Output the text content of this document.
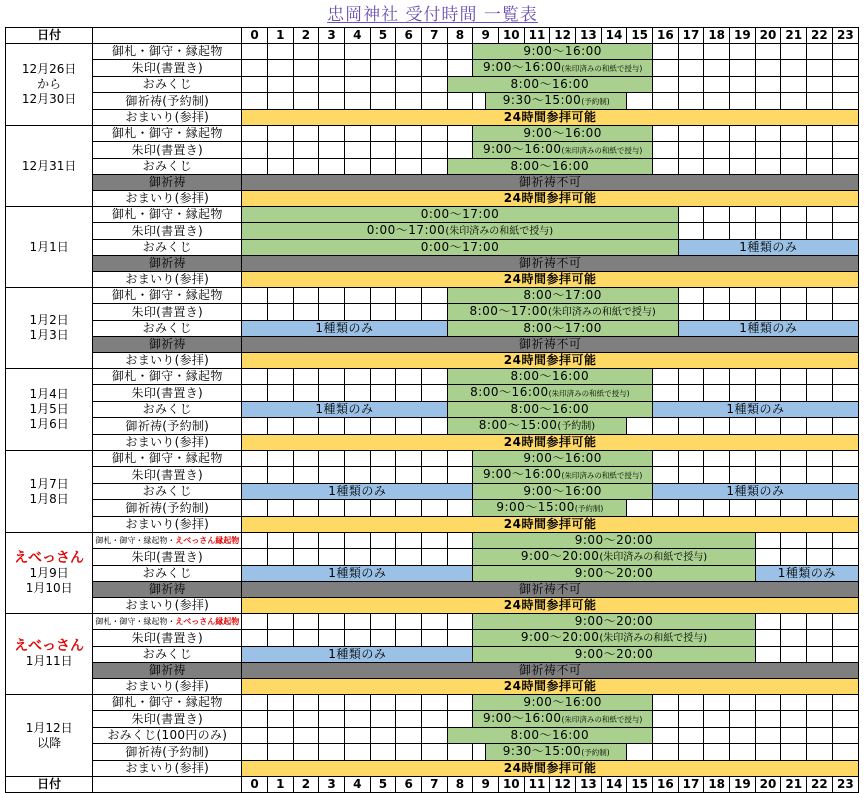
忠岡神社 受付時間 一覧表
日付		0	1	2	3	4	5	6	7	8	9		10	11	12	13	14	15	16	17	18	19	20	21	22	23

12月26日
から
12月30日	御札・御守・縁起物										9:00〜16:00															
	朱印(書置き)										9:00〜16:00(朱印済みの和紙で授与)															
	おみくじ									8:00〜16:00																
	御祈祷(予約制)											9:30〜15:00(予約制)														
	おまいり(参拝)	24時間参拝可能																								

12月31日	御札・御守・縁起物										9:00〜16:00															
	朱印(書置き)										9:00〜16:00(朱印済みの和紙で授与)															
	おみくじ									8:00〜16:00																
	御祈祷	御祈祷不可																								
	おまいり(参拝)	24時間参拝可能																								

1月1日	御札・御守・縁起物	0:00〜17:00																								
	朱印(書置き)	0:00〜17:00(朱印済みの和紙で授与)																								
	おみくじ	0:00〜17:00																		1種類のみ						
	御祈祷	御祈祷不可																								
	おまいり(参拝)	24時間参拝可能																								

1月2日
1月3日	御札・御守・縁起物									8:00〜17:00																
	朱印(書置き)									8:00〜17:00(朱印済みの和紙で授与)																
	おみくじ	1種類のみ								8:00〜17:00										1種類のみ						
	御祈祷	御祈祷不可																								
	おまいり(参拝)	24時間参拝可能																								

1月4日
1月5日
1月6日	御札・御守・縁起物									8:00〜16:00																
	朱印(書置き)									8:00〜16:00(朱印済みの和紙で授与)																
	おみくじ	1種類のみ								8:00〜16:00									1種類のみ							
	御祈祷(予約制)									8:00〜15:00(予約制)																
	おまいり(参拝)	24時間参拝可能																								

1月7日
1月8日	御札・御守・縁起物										9:00〜16:00															
	朱印(書置き)										9:00〜16:00(朱印済みの和紙で授与)															
	おみくじ	1種類のみ									9:00〜16:00								1種類のみ							
	御祈祷(予約制)										9:00〜15:00(予約制)															
	おまいり(参拝)	24時間参拝可能																								

えべっさん
1月9日
1月10日	御札・御守・縁起物・えべっさん縁起物										9:00〜20:00															
	朱印(書置き)										9:00〜20:00(朱印済みの和紙で授与)															
	おみくじ	1種類のみ									9:00〜20:00												1種類のみ			
	御祈祷	御祈祷不可																								
	おまいり(参拝)	24時間参拝可能																								

えべっさん
1月11日	御札・御守・縁起物・えべっさん縁起物										9:00〜20:00															
	朱印(書置き)										9:00〜20:00(朱印済みの和紙で授与)															
	おみくじ	1種類のみ									9:00〜20:00															
	御祈祷	御祈祷不可																								
	おまいり(参拝)	24時間参拝可能																								

1月12日
以降	御札・御守・縁起物										9:00〜16:00															
	朱印(書置き)										9:00〜16:00(朱印済みの和紙で授与)															
	おみくじ(100円のみ)									8:00〜16:00																
	御祈祷(予約制)											9:30〜15:00(予約制)														
	おまいり(参拝)	24時間参拝可能																								
日付		0	1	2	3	4	5	6	7	8	9		10	11	12	13	14	15	16	17	18	19	20	21	22	23
